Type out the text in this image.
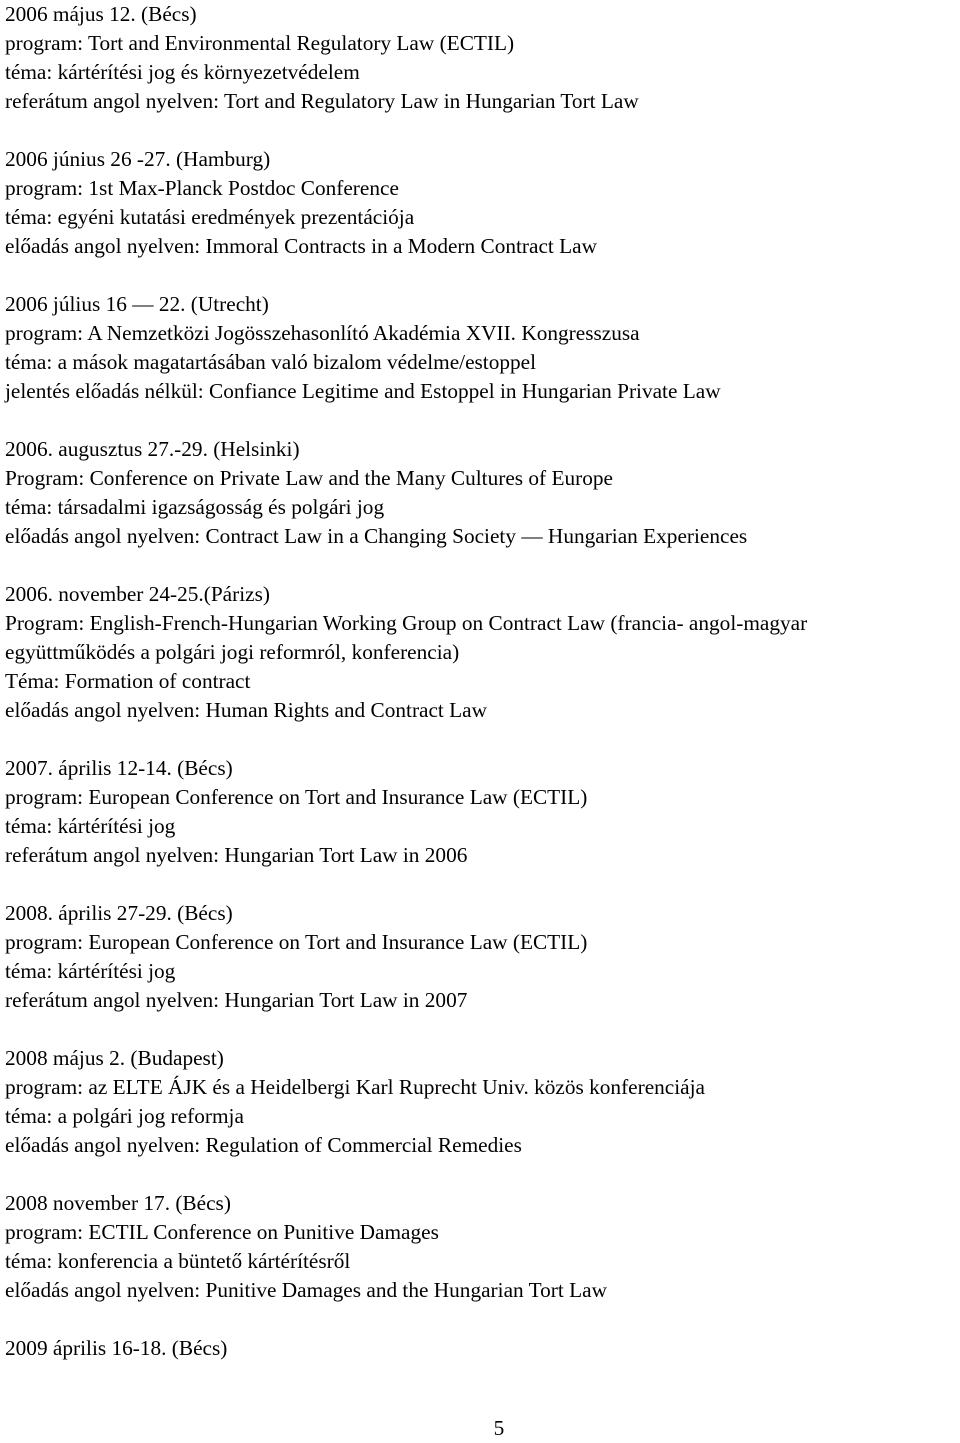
2006 május 12. (Bécs)
program: Tort and Environmental Regulatory Law (ECTIL)
téma: kártérítési jog és környezetvédelem
referátum angol nyelven: Tort and Regulatory Law in Hungarian Tort Law
2006 június 26 -27. (Hamburg)
program: 1st Max-Planck Postdoc Conference
téma: egyéni kutatási eredmények prezentációja
előadás angol nyelven: Immoral Contracts in a Modern Contract Law
2006 július 16 — 22. (Utrecht)
program: A Nemzetközi Jogösszehasonlító Akadémia XVII. Kongresszusa
téma: a mások magatartásában való bizalom védelme/estoppel
jelentés előadás nélkül: Confiance Legitime and Estoppel in Hungarian Private Law
2006. augusztus 27.-29. (Helsinki)
Program: Conference on Private Law and the Many Cultures of Europe
téma: társadalmi igazságosság és polgári jog
előadás angol nyelven: Contract Law in a Changing Society — Hungarian Experiences
2006. november 24-25.(Párizs)
Program: English-French-Hungarian Working Group on Contract Law (francia- angol-magyar
együttműködés a polgári jogi reformról, konferencia)
Téma: Formation of contract
előadás angol nyelven: Human Rights and Contract Law
2007. április 12-14. (Bécs)
program: European Conference on Tort and Insurance Law (ECTIL)
téma: kártérítési jog
referátum angol nyelven: Hungarian Tort Law in 2006
2008. április 27-29. (Bécs)
program: European Conference on Tort and Insurance Law (ECTIL)
téma: kártérítési jog
referátum angol nyelven: Hungarian Tort Law in 2007
2008 május 2. (Budapest)
program: az ELTE ÁJK és a Heidelbergi Karl Ruprecht Univ. közös konferenciája
téma: a polgári jog reformja
előadás angol nyelven: Regulation of Commercial Remedies
2008 november 17. (Bécs)
program: ECTIL Conference on Punitive Damages
téma: konferencia a büntető kártérítésről
előadás angol nyelven: Punitive Damages and the Hungarian Tort Law
2009 április 16-18. (Bécs)
5
